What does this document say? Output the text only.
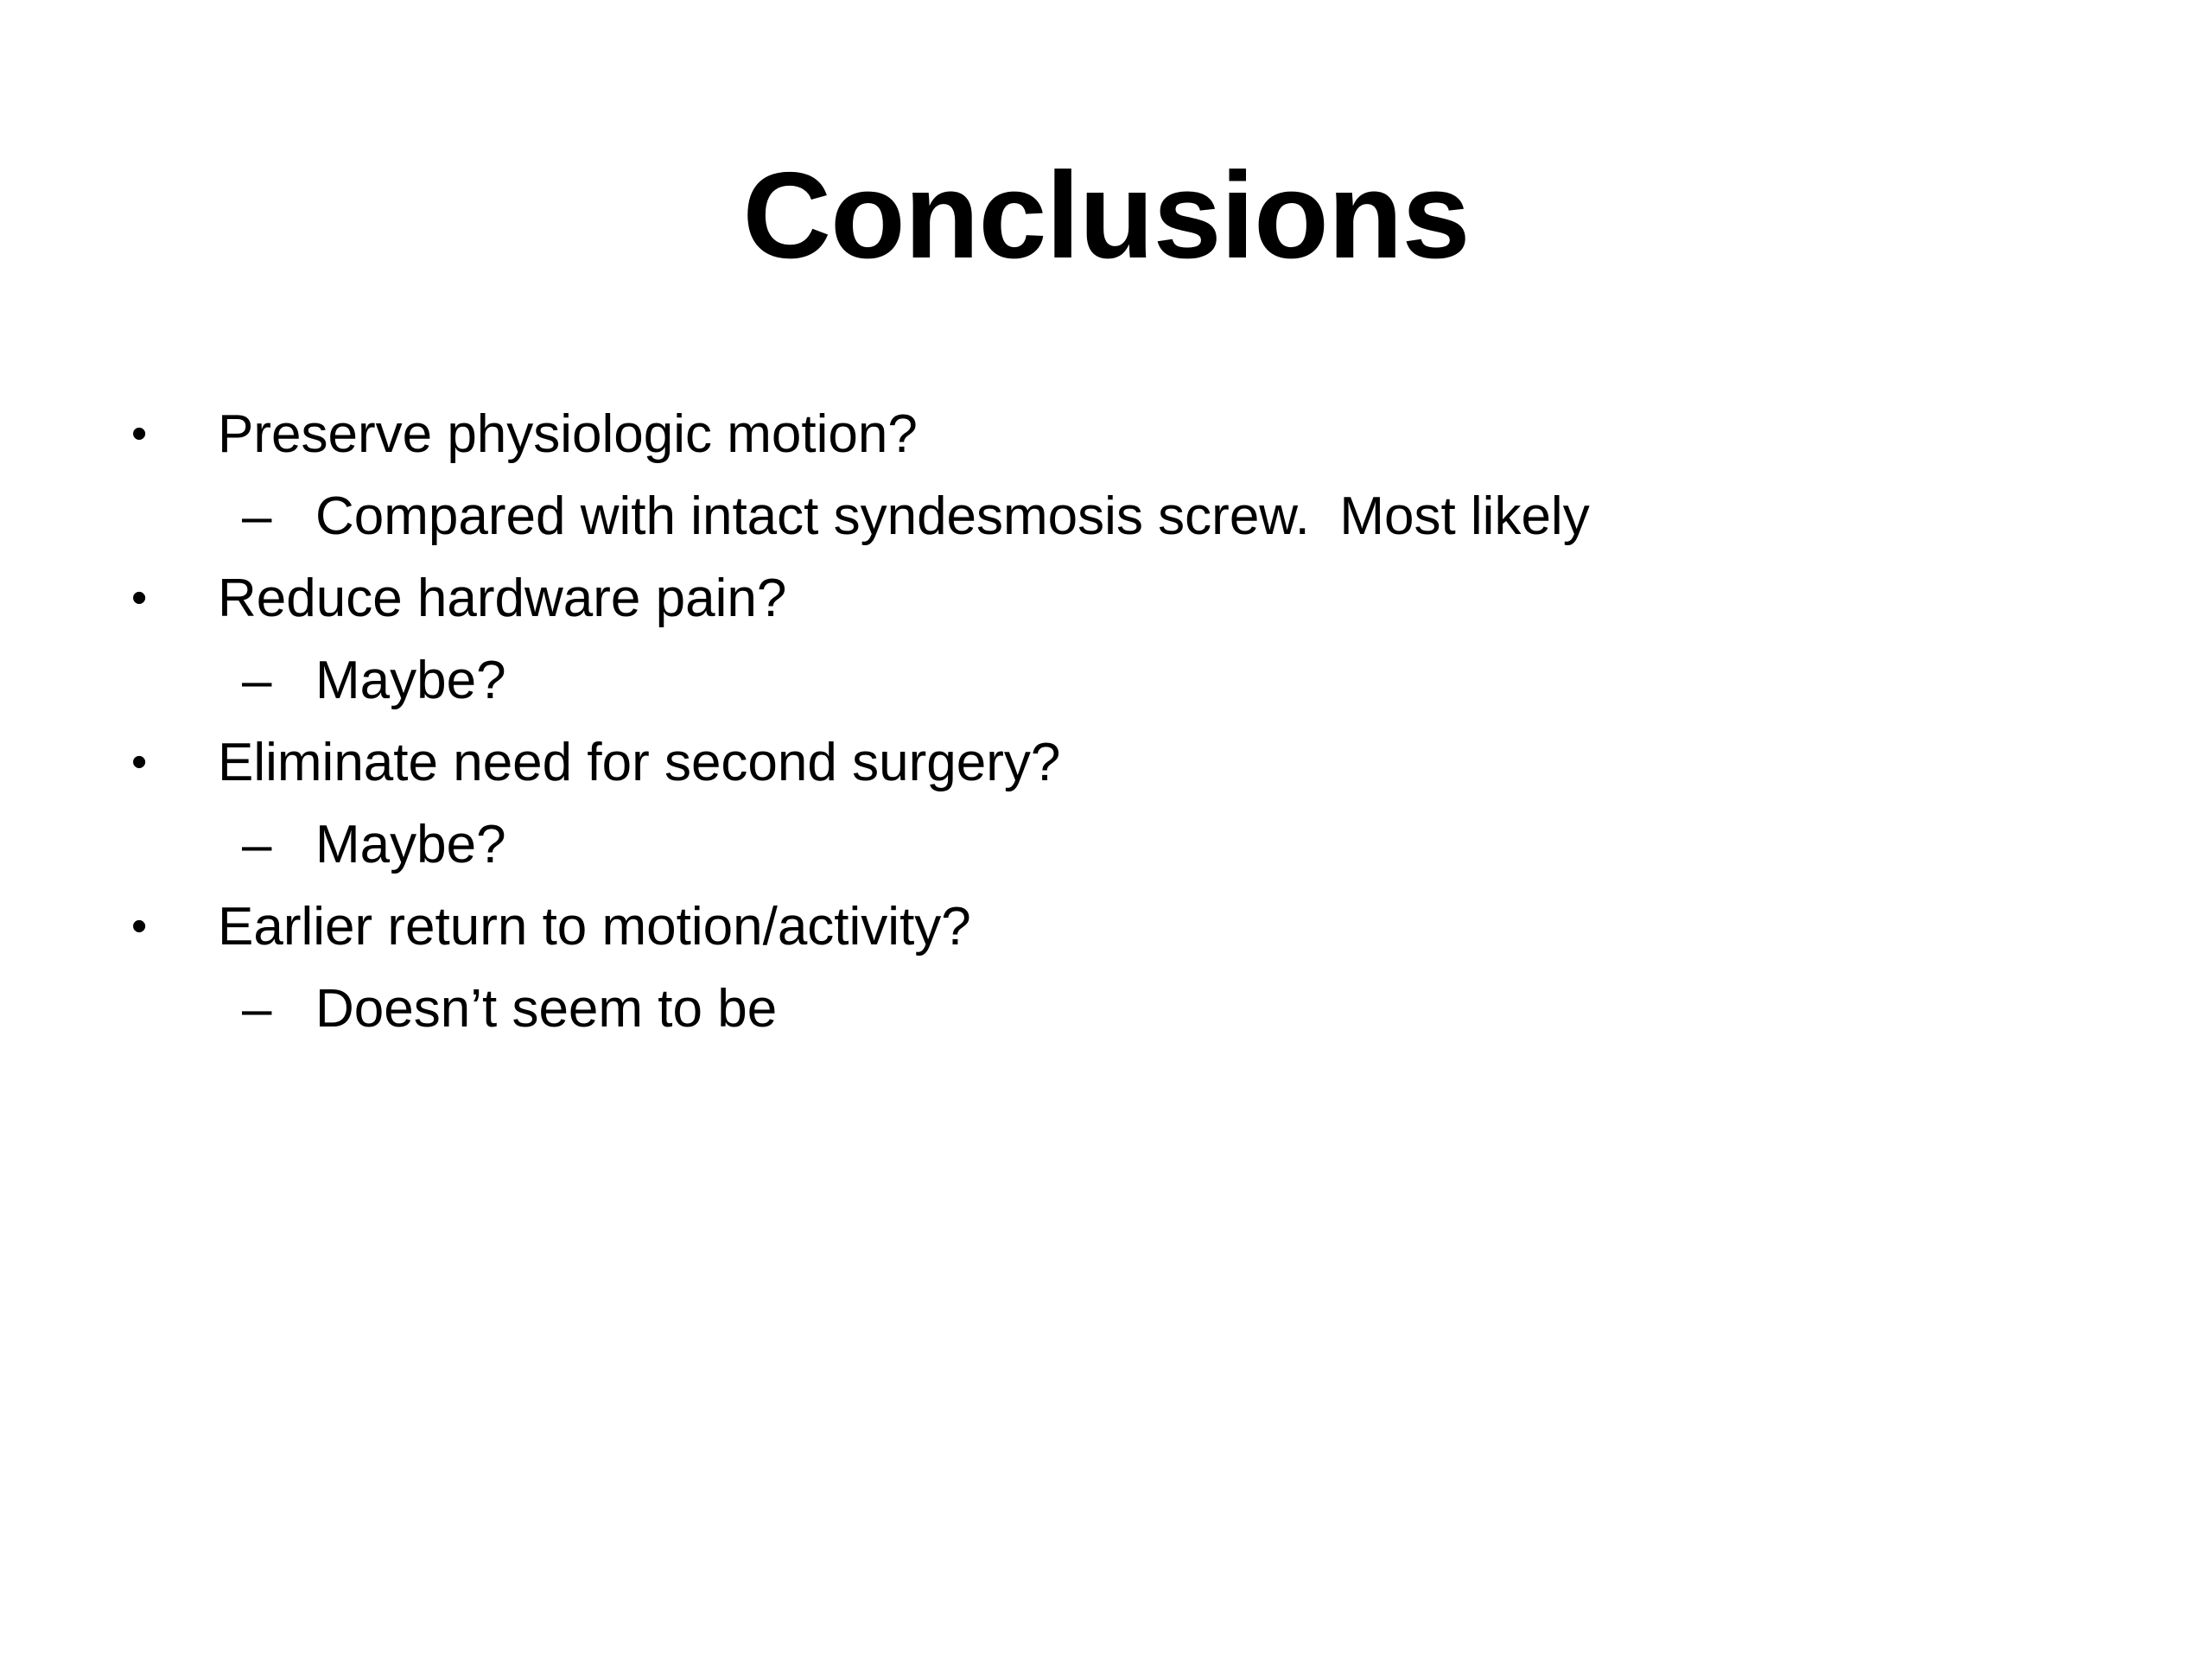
Conclusions

•

Preserve physiologic motion?

–

Compared with intact syndesmosis screw.  Most likely

•

Reduce hardware pain?

–

Maybe?

•

Eliminate need for second surgery?

–

Maybe?

•

Earlier return to motion/activity?

–

Doesn’t seem to be
